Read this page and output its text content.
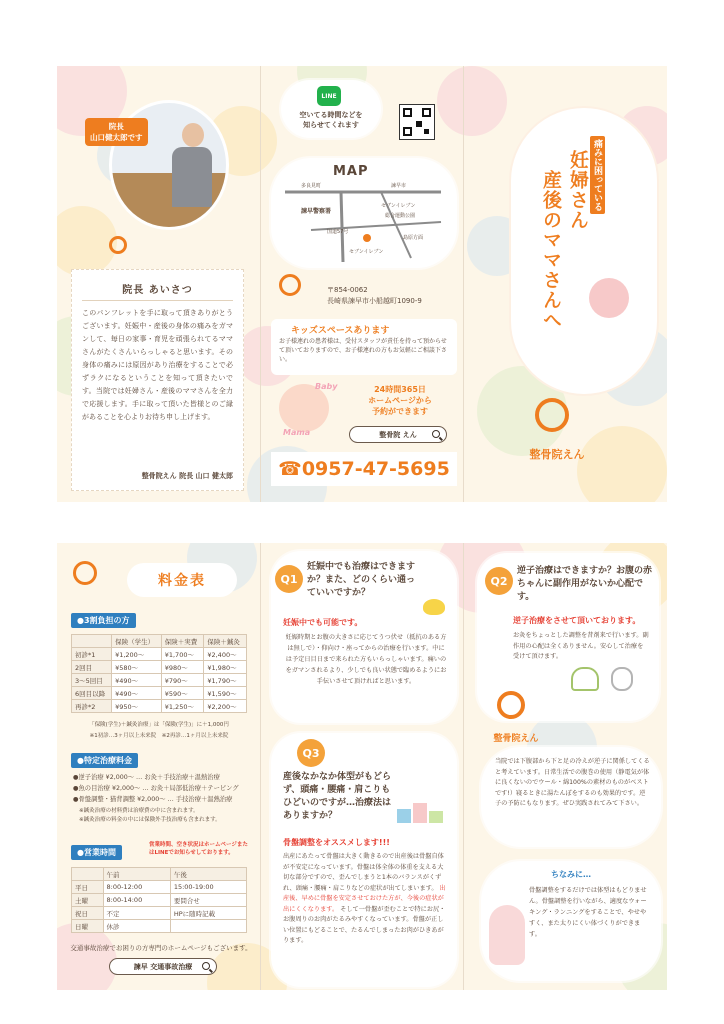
院長
山口健太郎です
院長 あいさつ
このパンフレットを手に取って頂きありがとうございます。妊娠中・産後の身体の痛みをガマンして、毎日の家事・育児を頑張られてるママさんがたくさんいらっしゃると思います。その身体の痛みには原因があり治療をすることで必ずラクになるということを知って頂きたいです。当院では妊婦さん・産後のママさんを全力で応援します。手に取って頂いた皆様とのご縁があることを心よりお待ち申し上げます。
整骨院えん 院長 山口 健太郎
LINE
空いてる時間などを
知らせてくれます
MAP
多良見町	諫早市
諫早警察署
セブンイレブン
総合運動公園
セブンイレブン
島原方面
国道57号
〒854-0062
長崎県諫早市小船越町1090-9
キッズスペースあります
お子様連れの患者様は、受付スタッフが責任を持って預からせて頂いておりますので、お子様連れの方もお気軽にご相談下さい。
Baby
Mama
24時間365日
ホームページから
予約ができます
整骨院 えん
☎0957-47-5695
痛みに困っている
妊婦さん
産後のママさんへ
整骨院えん
料金表
●3割負担の方
	保険（学生）	保険＋実費	保険＋鍼灸
初診*1	¥1,200〜	¥1,700〜	¥2,400〜
2回目	¥580〜	¥980〜	¥1,980〜
3〜5回目	¥490〜	¥790〜	¥1,790〜
6回目以降	¥490〜	¥590〜	¥1,590〜
再診*2	¥950〜	¥1,250〜	¥2,200〜
「保険(学生)＋鍼灸治療」は「保険(学生)」に＋1,000円
※1初診…3ヶ月以上未来院　※2再診…1ヶ月以上未来院
●特定治療料金
●逆子治療 ¥2,000〜 … お灸＋手技治療＋温熱治療
●魚の目治療 ¥2,000〜 … お灸＋局部低治療＋テーピング
●骨盤調整・猫背調整 ¥2,000〜 … 手技治療＋温熱治療
※鍼灸治療の材料費は治療費の中に含まれます。
※鍼灸治療の料金の中には保険外手技治療も含まれます。
●営業時間
営業時間、空き状況はホームページまたはLINEでお知らせしております。
	午前	午後
平日	8:00-12:00	15:00-19:00
土曜	8:00-14:00	要問合せ
祝日	不定	HPに随時記載
日曜	休診	
交通事故治療でお困りの方専門のホームページもございます。
諫早 交通事故治療
Q1
妊娠中でも治療はできますか？また、どのくらい通っていいですか？
妊娠中でも可能です。
妊娠時期とお腹の大きさに応じてうつ伏せ（抵抗のある方は無しで）・仰向け・座ってからの治療を行います。中には予定日目日まで来られた方もいらっしゃいます。痛いのをガマンされるより、少しでも良い状態で臨めるようにお手伝いさせて頂ければと思います。
Q3
産後なかなか体型がもどらず、頭痛・腰痛・肩こりもひどいのですが…治療法はありますか？
骨盤調整をオススメします!!!
出産にあたって骨盤は大きく動きるので出産後は骨盤自体が不安定になっています。骨盤は体全体の体重を支える大切な部分ですので、歪んでしまうと1本のバランスがくずれ、頭痛・腰痛・肩こりなどの症状が出てしまいます。 出産後、早めに骨盤を安定させておけた方が、今後の症状が出にくくなります。 そして一骨盤が歪むことで特にお尻・お腹周りのお肉がたるみやすくなっています。骨盤が正しい位置にもどることで、たるんでしまったお肉がひきあがります。
Q2
逆子治療はできますか？お腹の赤ちゃんに副作用がないか心配です。
逆子治療をさせて頂いております。
お灸をちょっとした調整を昔剤来で行います。副作用の心配は全くありません。安心して治療を受けて頂けます。
整骨院えん
当院では下腹部から下と足の冷えが逆子に関係してくると考えています。日常生活での腹巻の使用（静電気が体に良くないのでウール・綿100%の素材のものがベストです!）寝るときに湯たんぽをするのも効果的です。逆子の予防にもなります。ぜひ実践されてみて下さい。
ちなみに…
骨盤調整をするだけでは体型はもどりません。骨盤調整を行いながら、適度なウォーキング・ランニングをすることで、やせやすく、また太りにくい体づくりができます。
